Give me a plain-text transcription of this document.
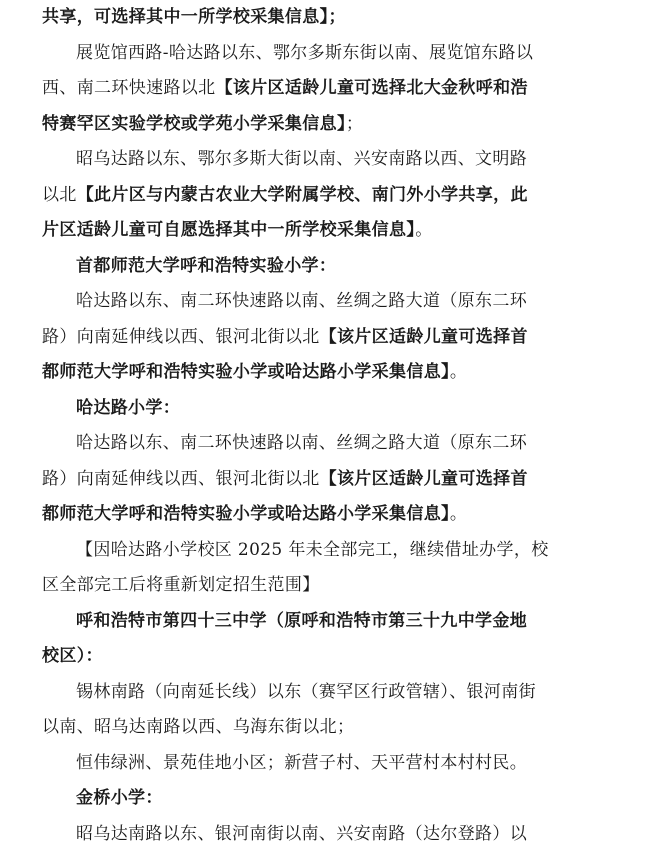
共享，可选择其中一所学校采集信息】；
展览馆西路-哈达路以东、鄂尔多斯东街以南、展览馆东路以
西、南二环快速路以北【该片区适龄儿童可选择北大金秋呼和浩
特赛罕区实验学校或学苑小学采集信息】；
昭乌达路以东、鄂尔多斯大街以南、兴安南路以西、文明路
以北【此片区与内蒙古农业大学附属学校、南门外小学共享，此
片区适龄儿童可自愿选择其中一所学校采集信息】。
首都师范大学呼和浩特实验小学：
哈达路以东、南二环快速路以南、丝绸之路大道（原东二环
路）向南延伸线以西、银河北街以北【该片区适龄儿童可选择首
都师范大学呼和浩特实验小学或哈达路小学采集信息】。
哈达路小学：
哈达路以东、南二环快速路以南、丝绸之路大道（原东二环
路）向南延伸线以西、银河北街以北【该片区适龄儿童可选择首
都师范大学呼和浩特实验小学或哈达路小学采集信息】。
【因哈达路小学校区 2025 年未全部完工，继续借址办学，校
区全部完工后将重新划定招生范围】
呼和浩特市第四十三中学（原呼和浩特市第三十九中学金地
校区）：
锡林南路（向南延长线）以东（赛罕区行政管辖）、银河南街
以南、昭乌达南路以西、乌海东街以北；
恒伟绿洲、景苑佳地小区；新营子村、天平营村本村村民。
金桥小学：
昭乌达南路以东、银河南街以南、兴安南路（达尔登路）以
